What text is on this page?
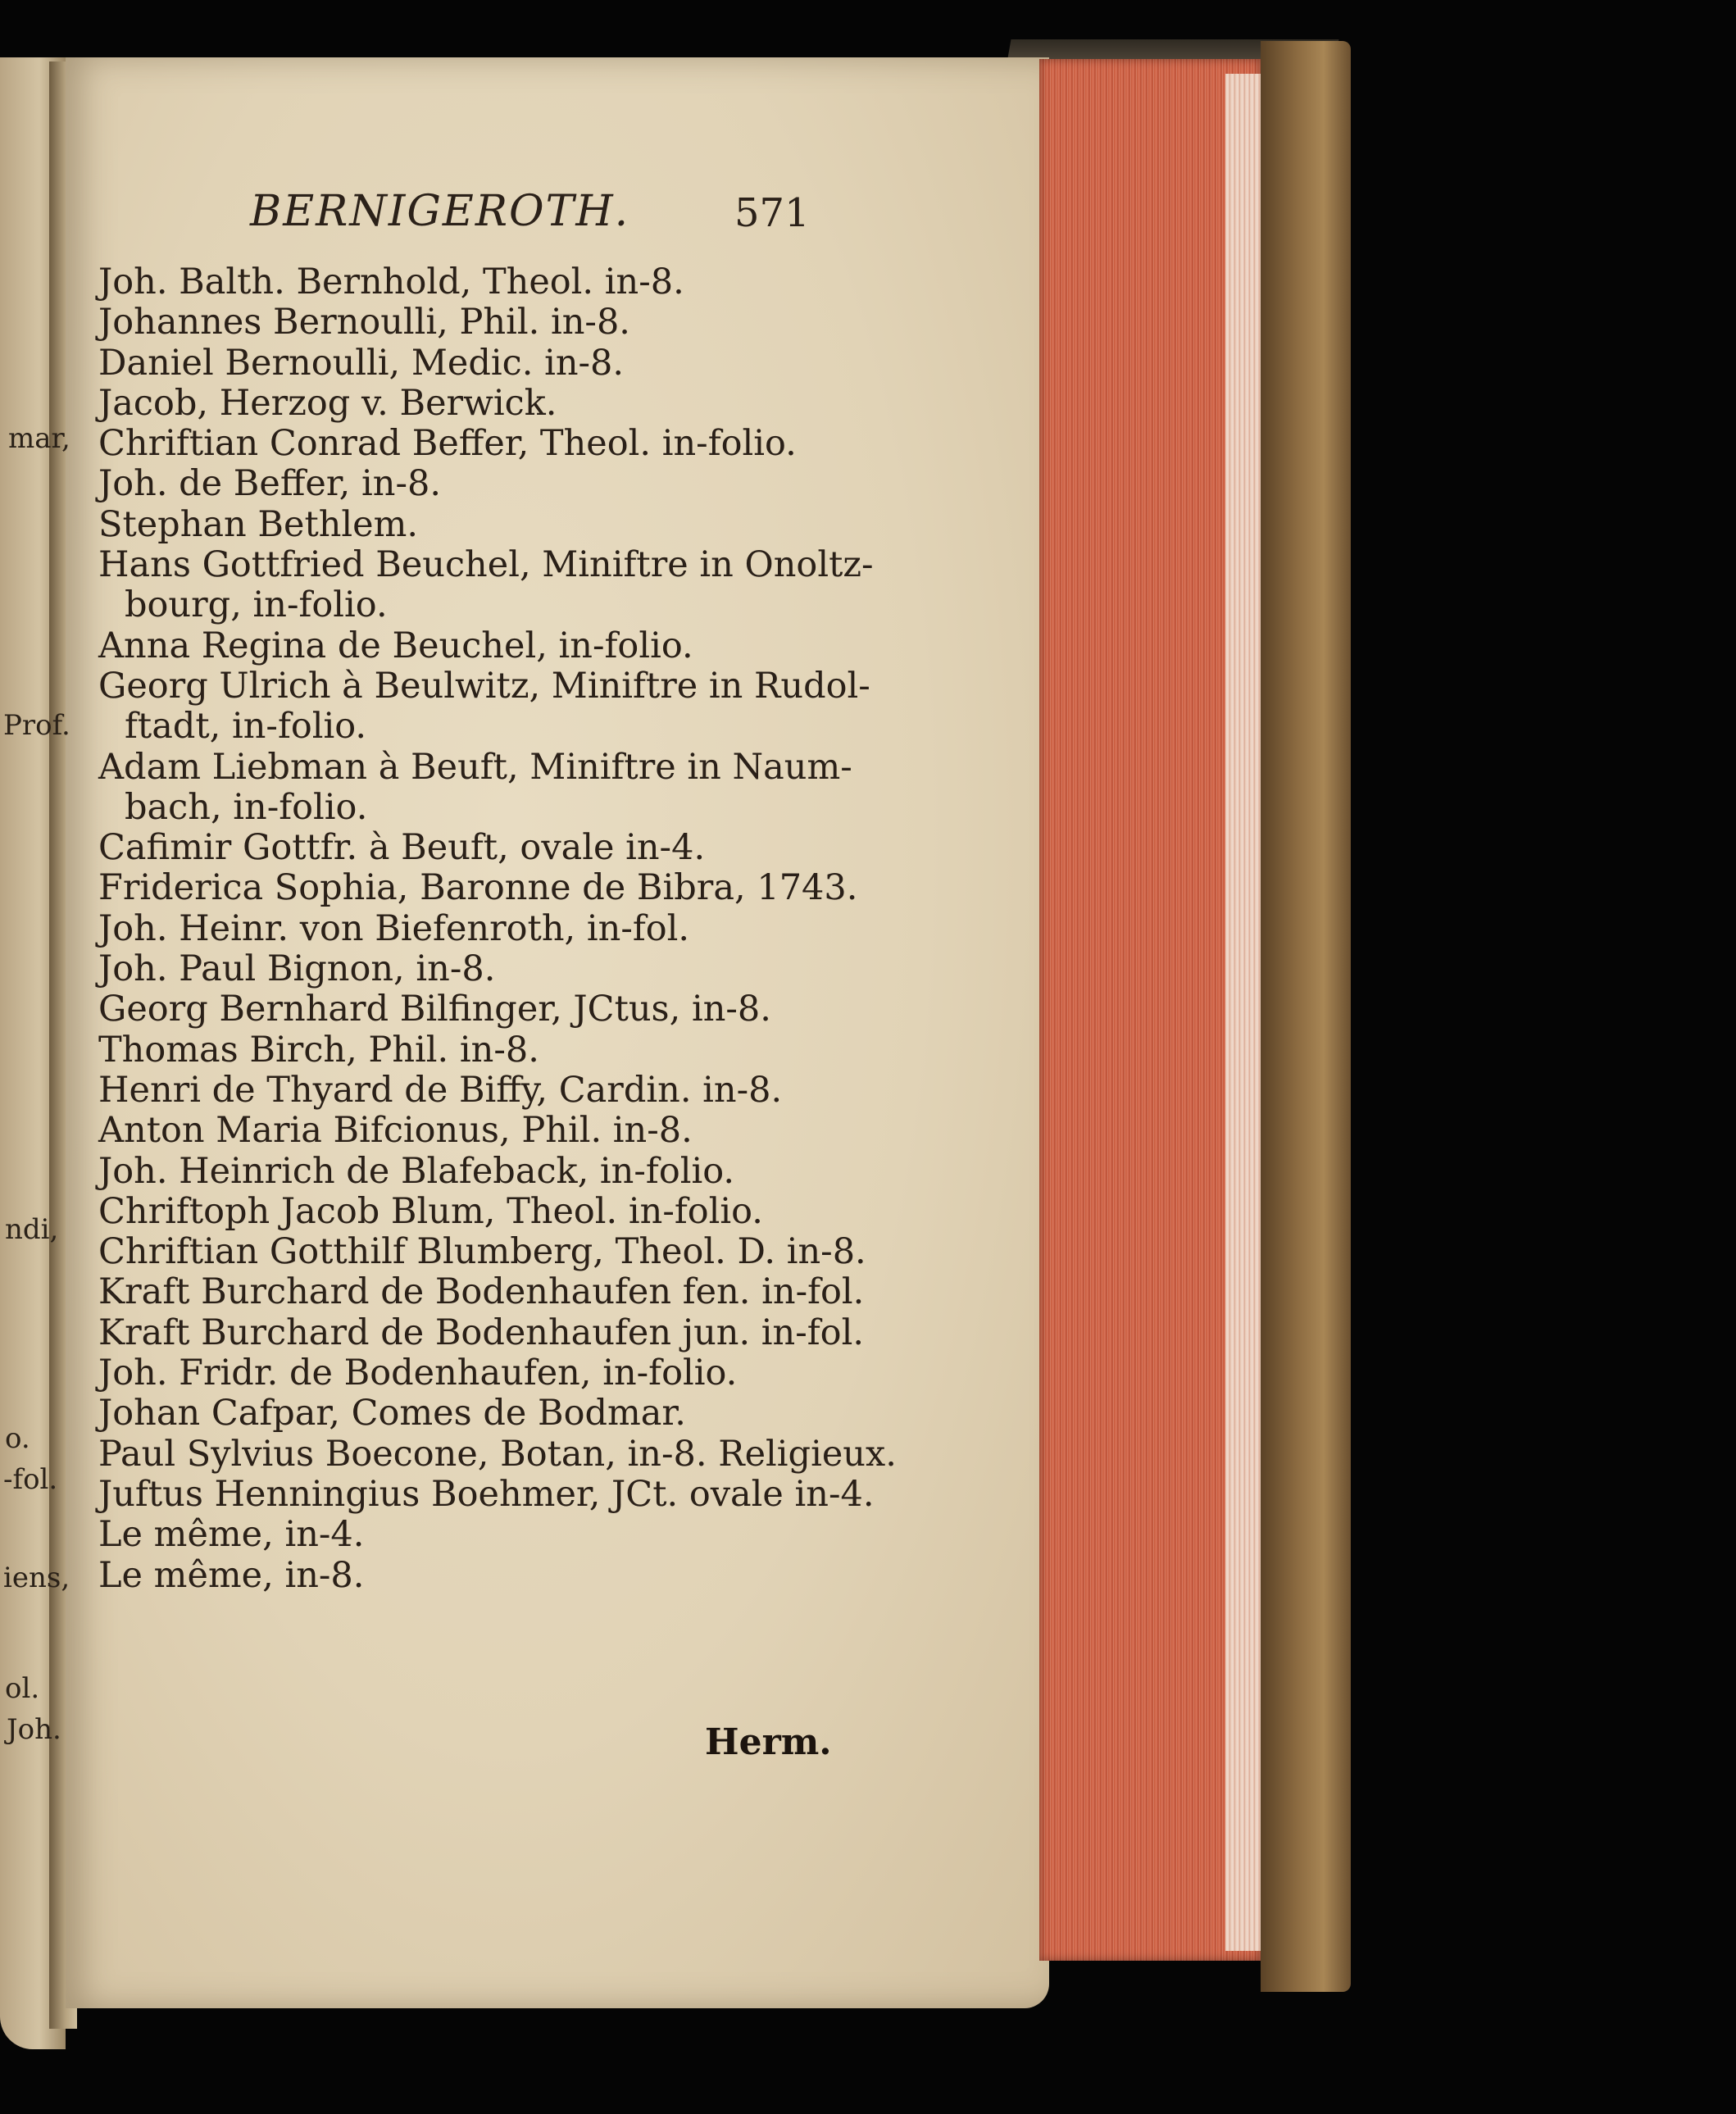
mar,
Prof.
ndi,
o.
-fol.
iens,
ol.
Joh.
BERNIGEROTH.	571
Joh. Balth. Bernhold, Theol. in-8.
Johannes Bernoulli, Phil. in-8.
Daniel Bernoulli, Medic. in-8.
Jacob, Herzog v. Berwick.
Chriftian Conrad Beffer, Theol. in-folio.
Joh. de Beffer, in-8.
Stephan Bethlem.
Hans Gottfried Beuchel, Miniftre in Onoltz-
bourg, in-folio.
Anna Regina de Beuchel, in-folio.
Georg Ulrich à Beulwitz, Miniftre in Rudol-
ftadt, in-folio.
Adam Liebman à Beuft, Miniftre in Naum-
bach, in-folio.
Cafimir Gottfr. à Beuft, ovale in-4.
Friderica Sophia, Baronne de Bibra, 1743.
Joh. Heinr. von Biefenroth, in-fol.
Joh. Paul Bignon, in-8.
Georg Bernhard Bilfinger, JCtus, in-8.
Thomas Birch, Phil. in-8.
Henri de Thyard de Biffy, Cardin. in-8.
Anton Maria Bifcionus, Phil. in-8.
Joh. Heinrich de Blafeback, in-folio.
Chriftoph Jacob Blum, Theol. in-folio.
Chriftian Gotthilf Blumberg, Theol. D. in-8.
Kraft Burchard de Bodenhaufen fen. in-fol.
Kraft Burchard de Bodenhaufen jun. in-fol.
Joh. Fridr. de Bodenhaufen, in-folio.
Johan Cafpar, Comes de Bodmar.
Paul Sylvius Boecone, Botan, in-8. Religieux.
Juftus Henningius Boehmer, JCt. ovale in-4.
Le même, in-4.
Le même, in-8.
Herm.
